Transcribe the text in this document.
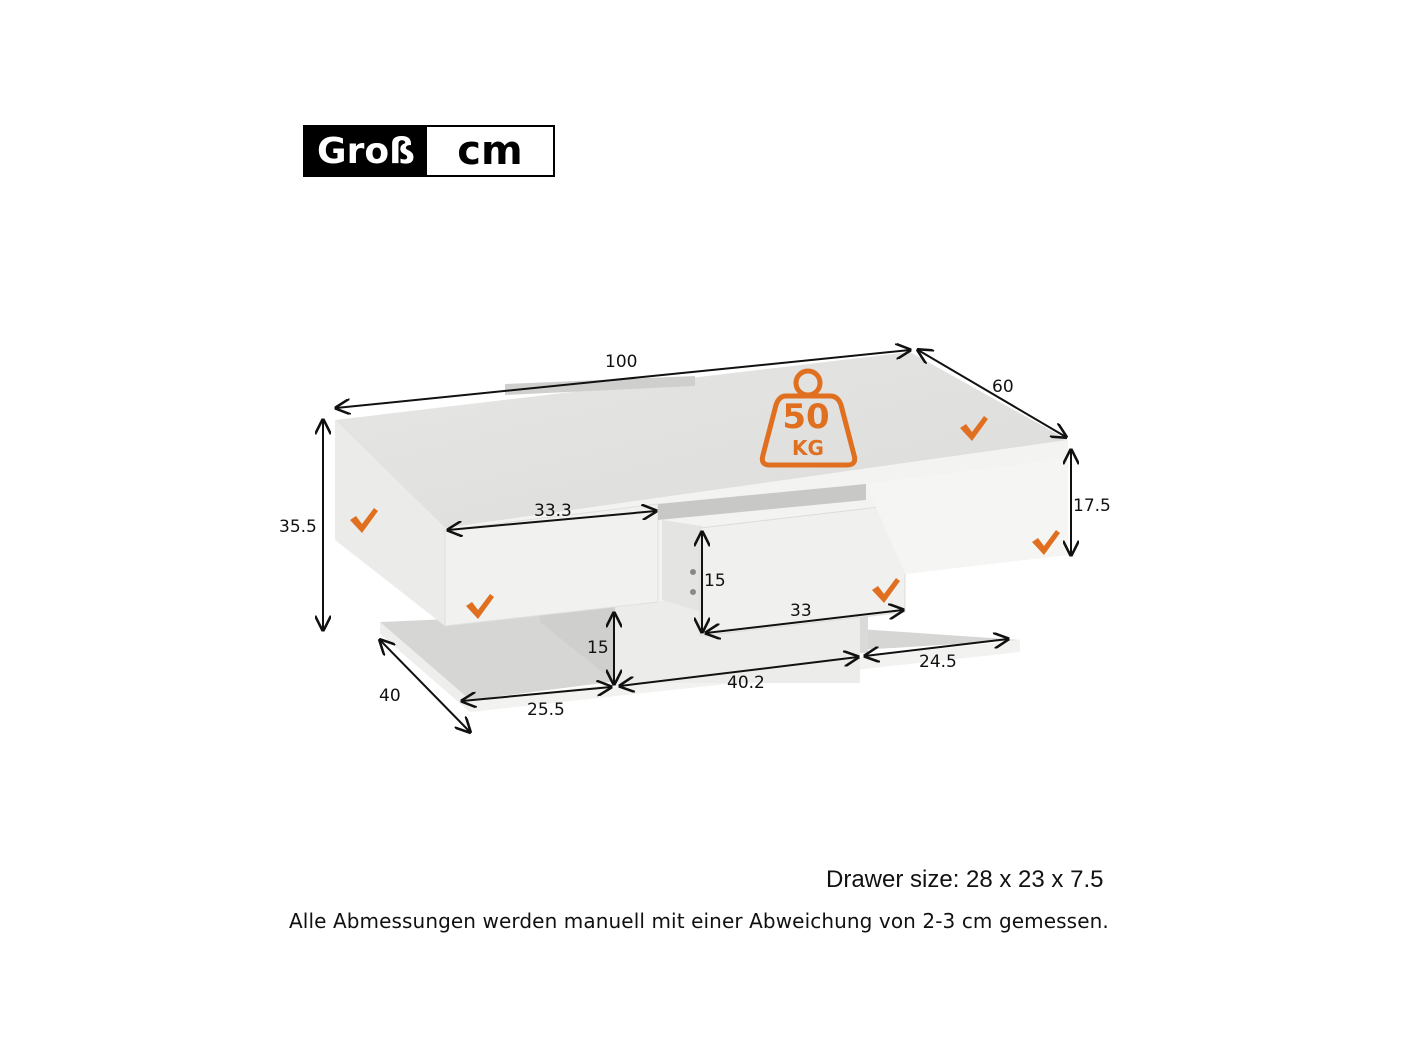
Groß	cm
50
KG
100
60
35.5
17.5
33.3
15
33
15
40
25.5
40.2
24.5
Drawer size: 28 x 23 x 7.5
Alle Abmessungen werden manuell mit einer Abweichung von 2-3 cm gemessen.
